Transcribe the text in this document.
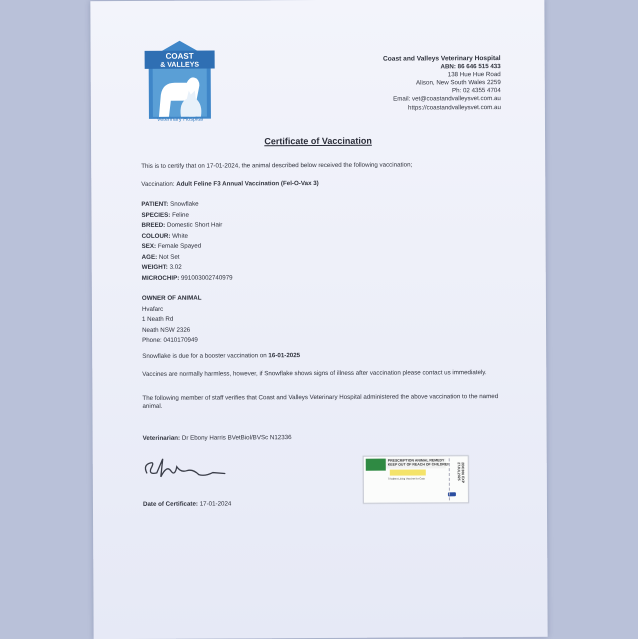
COAST
& VALLEYS
Veterinary Hospital
Coast and Valleys Veterinary Hospital
ABN: 86 646 515 433
138 Hue Hue Road
Alison, New South Wales 2259
Ph: 02 4355 4704
Email: vet@coastandvalleysvet.com.au
https://coastandvalleysvet.com.au
Certificate of Vaccination
This is to certify that on 17-01-2024, the animal described below received the following vaccination;
Vaccination: Adult Feline F3 Annual Vaccination (Fel-O-Vax 3)
PATIENT: Snowflake
SPECIES: Feline
BREED: Domestic Short Hair
COLOUR: White
SEX: Female Spayed
AGE: Not Set
WEIGHT: 3.02
MICROCHIP: 991003002740979
OWNER OF ANIMAL
Hvafarc
1 Neath Rd
Neath NSW 2326
Phone: 0410170949
Snowflake is due for a booster vaccination on 16-01-2025
Vaccines are normally harmless, however, if Snowflake shows signs of illness after vaccination please contact us immediately.
The following member of staff verifies that Coast and Valleys Veterinary Hospital administered the above vaccination to the named animal.
Veterinarian: Dr Ebony Harris BVetBiol/BVSc N12336
PRESCRIPTION ANIMAL REMEDY
KEEP OUT OF REACH OF CHILDREN
Trivalent Living Vaccine for Cats	2BC306 EXP 27JUL2025
Date of Certificate: 17-01-2024
